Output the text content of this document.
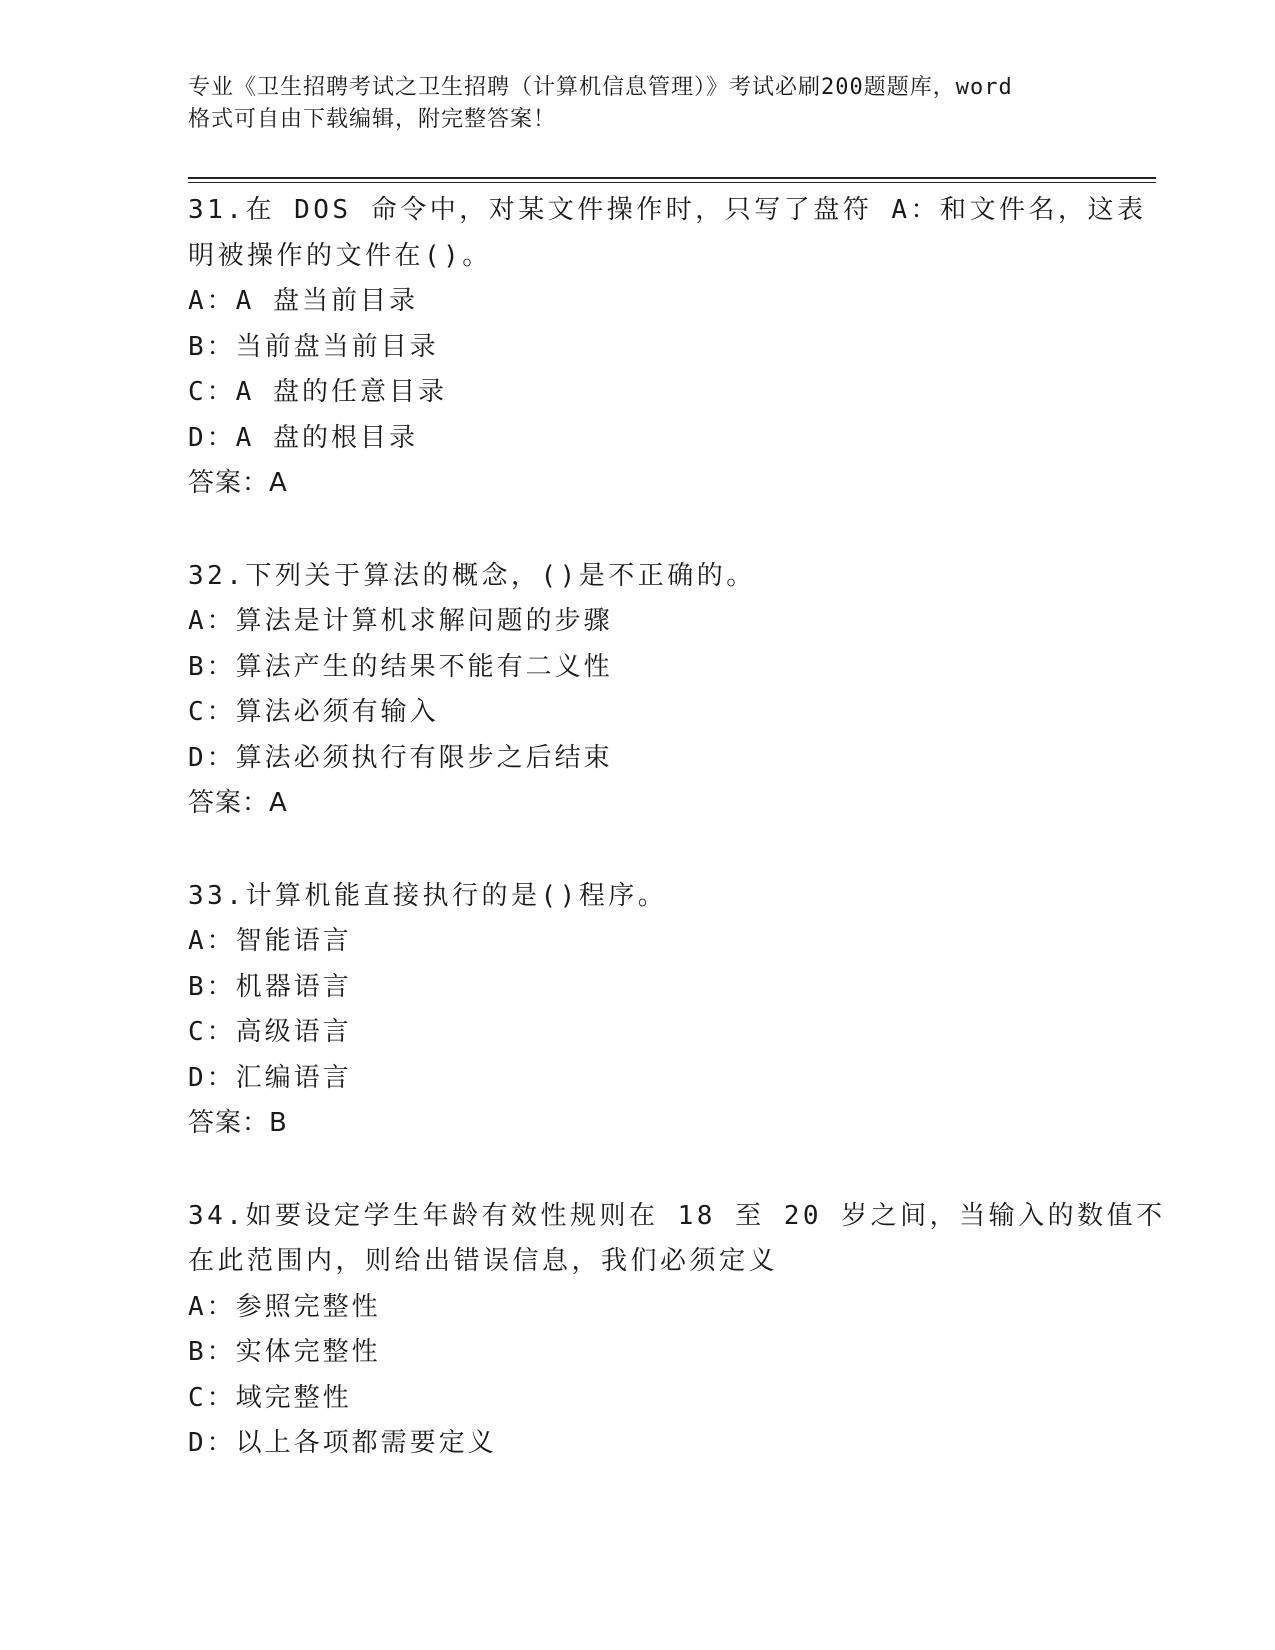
专业《卫生招聘考试之卫生招聘（计算机信息管理）》考试必刷200题题库，word
格式可自由下载编辑，附完整答案！
31.在 DOS 命令中，对某文件操作时，只写了盘符 A：和文件名，这表
明被操作的文件在()。
A：A 盘当前目录
B：当前盘当前目录
C：A 盘的任意目录
D：A 盘的根目录
答案：A
32.下列关于算法的概念，()是不正确的。
A：算法是计算机求解问题的步骤
B：算法产生的结果不能有二义性
C：算法必须有输入
D：算法必须执行有限步之后结束
答案：A
33.计算机能直接执行的是()程序。
A：智能语言
B：机器语言
C：高级语言
D：汇编语言
答案：B
34.如要设定学生年龄有效性规则在 18 至 20 岁之间，当输入的数值不
在此范围内，则给出错误信息，我们必须定义
A：参照完整性
B：实体完整性
C：域完整性
D：以上各项都需要定义
